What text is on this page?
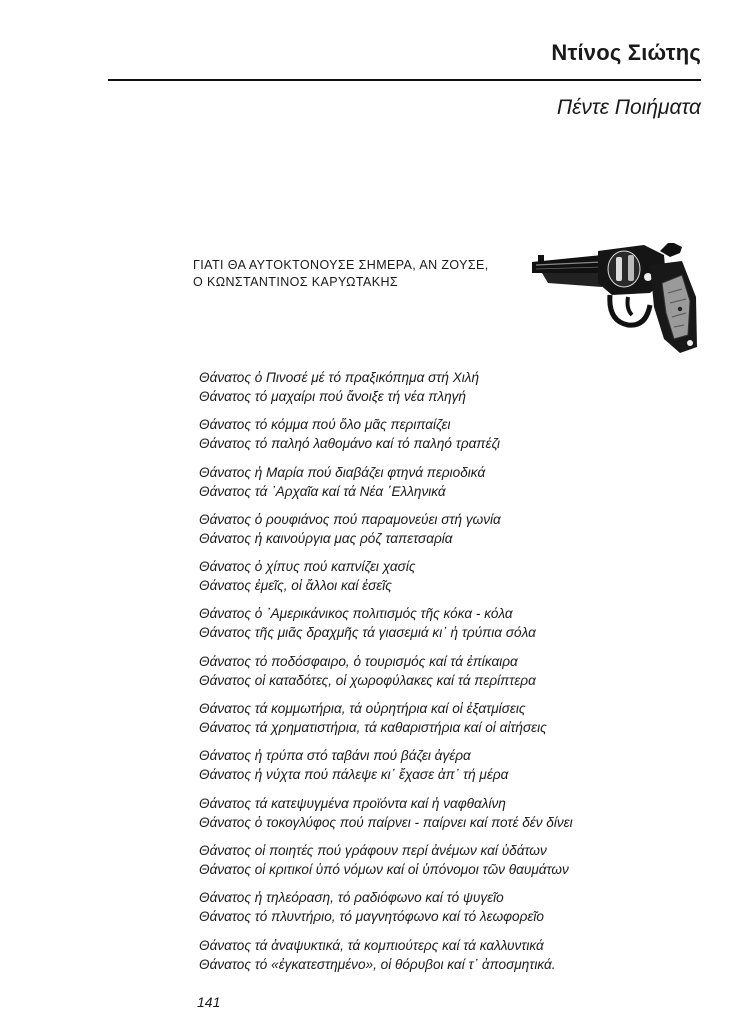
Ντίνος Σιώτης
Πέντε Ποιήματα
ΓΙΑΤΙ ΘΑ ΑΥΤΟΚΤΟΝΟΥΣΕ ΣΗΜΕΡΑ, ΑΝ ΖΟΥΣΕ,
Ο ΚΩΝΣΤΑΝΤΙΝΟΣ ΚΑΡΥΩΤΑΚΗΣ
Θάνατος ὁ Πινοσέ μέ τό πραξικόπημα στή Χιλή
Θάνατος τό μαχαίρι πού ἄνοιξε τή νέα πληγή
Θάνατος τό κόμμα πού ὅλο μᾶς περιπαίζει
Θάνατος τό παληό λαθομάνο καί τό παληό τραπέζι
Θάνατος ἡ Μαρία πού διαβάζει φτηνά περιοδικά
Θάνατος τά ᾿Αρχαῖα καί τά Νέα ῾Ελληνικά
Θάνατος ὁ ρουφιάνος πού παραμονεύει στή γωνία
Θάνατος ἡ καινούργια μας ρόζ ταπετσαρία
Θάνατος ὁ χίπυς πού καπνίζει χασίς
Θάνατος ἐμεῖς, οἱ ἄλλοι καί ἐσεῖς
Θάνατος ὁ ᾿Αμερικάνικος πολιτισμός τῆς κόκα - κόλα
Θάνατος τῆς μιᾶς δραχμῆς τά γιασεμιά κι᾿ ἡ τρύπια σόλα
Θάνατος τό ποδόσφαιρο, ὁ τουρισμός καί τά ἐπίκαιρα
Θάνατος οἱ καταδότες, οἱ χωροφύλακες καί τά περίπτερα
Θάνατος τά κομμωτήρια, τά οὐρητήρια καί οἱ ἐξατμίσεις
Θάνατος τά χρηματιστήρια, τά καθαριστήρια καί οἱ αἰτήσεις
Θάνατος ἡ τρύπα στό ταβάνι πού βάζει ἀγέρα
Θάνατος ἡ νύχτα πού πάλεψε κι᾿ ἔχασε ἀπ᾿ τή μέρα
Θάνατος τά κατεψυγμένα προϊόντα καί ἡ ναφθαλίνη
Θάνατος ὁ τοκογλύφος πού παίρνει - παίρνει καί ποτέ δέν δίνει
Θάνατος οἱ ποιητές πού γράφουν περί ἀνέμων καί ὑδάτων
Θάνατος οἱ κριτικοί ὑπό νόμων καί οἱ ὑπόνομοι τῶν θαυμάτων
Θάνατος ἡ τηλεόραση, τό ραδιόφωνο καί τό ψυγεῖο
Θάνατος τό πλυντήριο, τό μαγνητόφωνο καί τό λεωφορεῖο
Θάνατος τά ἀναψυκτικά, τά κομπιούτερς καί τά καλλυντικά
Θάνατος τό «ἐγκατεστημένο», οἱ θόρυβοι καί τ᾿ ἀποσμητικά.
141
